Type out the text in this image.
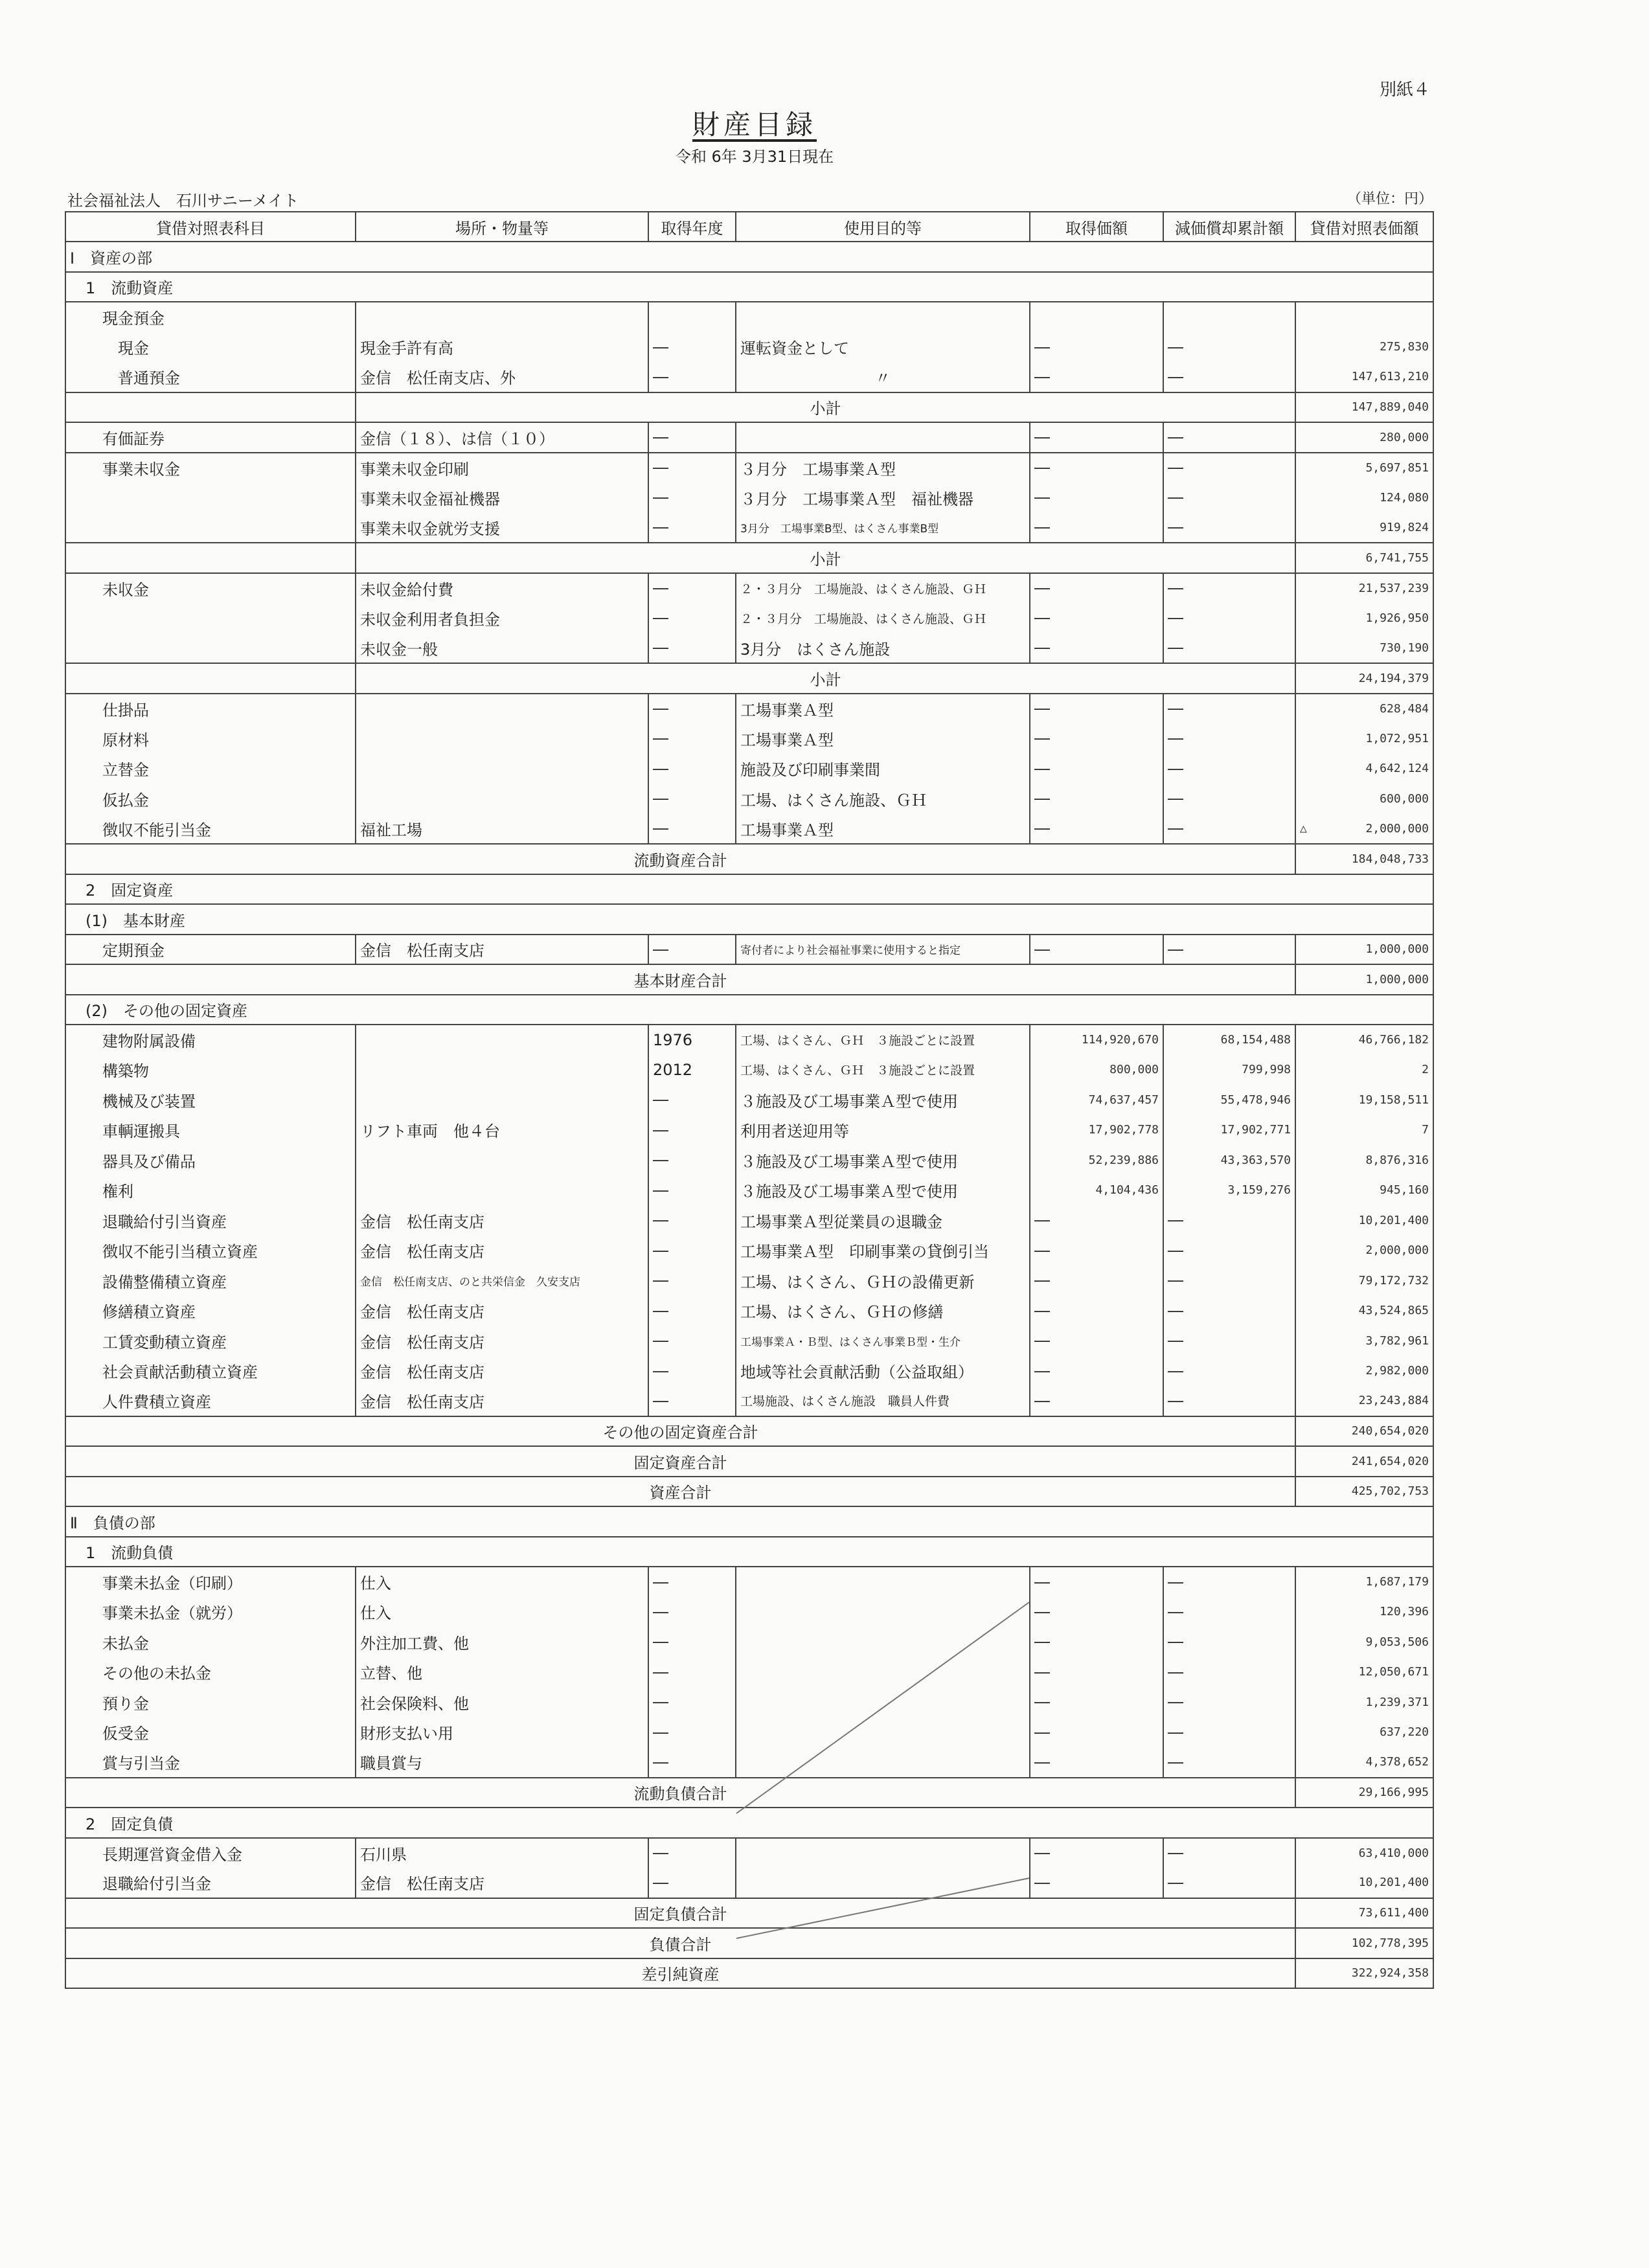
別紙４
財産目録
令和 6年 3月31日現在
社会福祉法人　石川サニーメイト	（単位：円）
貸借対照表科目	場所・物量等	取得年度	使用目的等	取得価額	減価償却累計額	貸借対照表価額
Ⅰ　資産の部						
1　流動資産						
現金預金						
現金	現金手許有高	―	運転資金として	―	―	275,830
普通預金	金信　松任南支店、外	―	〃	―	―	147,613,210
	小計					147,889,040
有価証券	金信（１８）、は信（１０）	―		―	―	280,000
事業未収金	事業未収金印刷	―	３月分　工場事業Ａ型	―	―	5,697,851
	事業未収金福祉機器	―	３月分　工場事業Ａ型　福祉機器	―	―	124,080
	事業未収金就労支援	―	3月分　工場事業B型、はくさん事業B型	―	―	919,824
	小計					6,741,755
未収金	未収金給付費	―	２・３月分　工場施設、はくさん施設、ＧＨ	―	―	21,537,239
	未収金利用者負担金	―	２・３月分　工場施設、はくさん施設、ＧＨ	―	―	1,926,950
	未収金一般	―	3月分　はくさん施設	―	―	730,190
	小計					24,194,379
仕掛品		―	工場事業Ａ型	―	―	628,484
原材料		―	工場事業Ａ型	―	―	1,072,951
立替金		―	施設及び印刷事業間	―	―	4,642,124
仮払金		―	工場、はくさん施設、ＧＨ	―	―	600,000
徴収不能引当金	福祉工場	―	工場事業Ａ型	―	―	△ 2,000,000
流動資産合計						184,048,733
2　固定資産						
(1)　基本財産						
定期預金	金信　松任南支店	―	寄付者により社会福祉事業に使用すると指定	―	―	1,000,000
基本財産合計						1,000,000
(2)　その他の固定資産						
建物附属設備		1976	工場、はくさん、ＧＨ　３施設ごとに設置	114,920,670	68,154,488	46,766,182
構築物		2012	工場、はくさん、ＧＨ　３施設ごとに設置	800,000	799,998	2
機械及び装置		―	３施設及び工場事業Ａ型で使用	74,637,457	55,478,946	19,158,511
車輌運搬具	リフト車両　他４台	―	利用者送迎用等	17,902,778	17,902,771	7
器具及び備品		―	３施設及び工場事業Ａ型で使用	52,239,886	43,363,570	8,876,316
権利		―	３施設及び工場事業Ａ型で使用	4,104,436	3,159,276	945,160
退職給付引当資産	金信　松任南支店	―	工場事業Ａ型従業員の退職金	―	―	10,201,400
徴収不能引当積立資産	金信　松任南支店	―	工場事業Ａ型　印刷事業の貸倒引当	―	―	2,000,000
設備整備積立資産	金信　松任南支店、のと共栄信金　久安支店	―	工場、はくさん、ＧＨの設備更新	―	―	79,172,732
修繕積立資産	金信　松任南支店	―	工場、はくさん、ＧＨの修繕	―	―	43,524,865
工賃変動積立資産	金信　松任南支店	―	工場事業Ａ・Ｂ型、はくさん事業Ｂ型・生介	―	―	3,782,961
社会貢献活動積立資産	金信　松任南支店	―	地域等社会貢献活動（公益取組）	―	―	2,982,000
人件費積立資産	金信　松任南支店	―	工場施設、はくさん施設　職員人件費	―	―	23,243,884
その他の固定資産合計						240,654,020
固定資産合計						241,654,020
資産合計						425,702,753
Ⅱ　負債の部						
1　流動負債						
事業未払金（印刷）	仕入	―		―	―	1,687,179
事業未払金（就労）	仕入	―		―	―	120,396
未払金	外注加工費、他	―		―	―	9,053,506
その他の未払金	立替、他	―		―	―	12,050,671
預り金	社会保険料、他	―		―	―	1,239,371
仮受金	財形支払い用	―		―	―	637,220
賞与引当金	職員賞与	―		―	―	4,378,652
流動負債合計						29,166,995
2　固定負債						
長期運営資金借入金	石川県	―		―	―	63,410,000
退職給付引当金	金信　松任南支店	―		―	―	10,201,400
固定負債合計						73,611,400
負債合計						102,778,395
差引純資産						322,924,358
